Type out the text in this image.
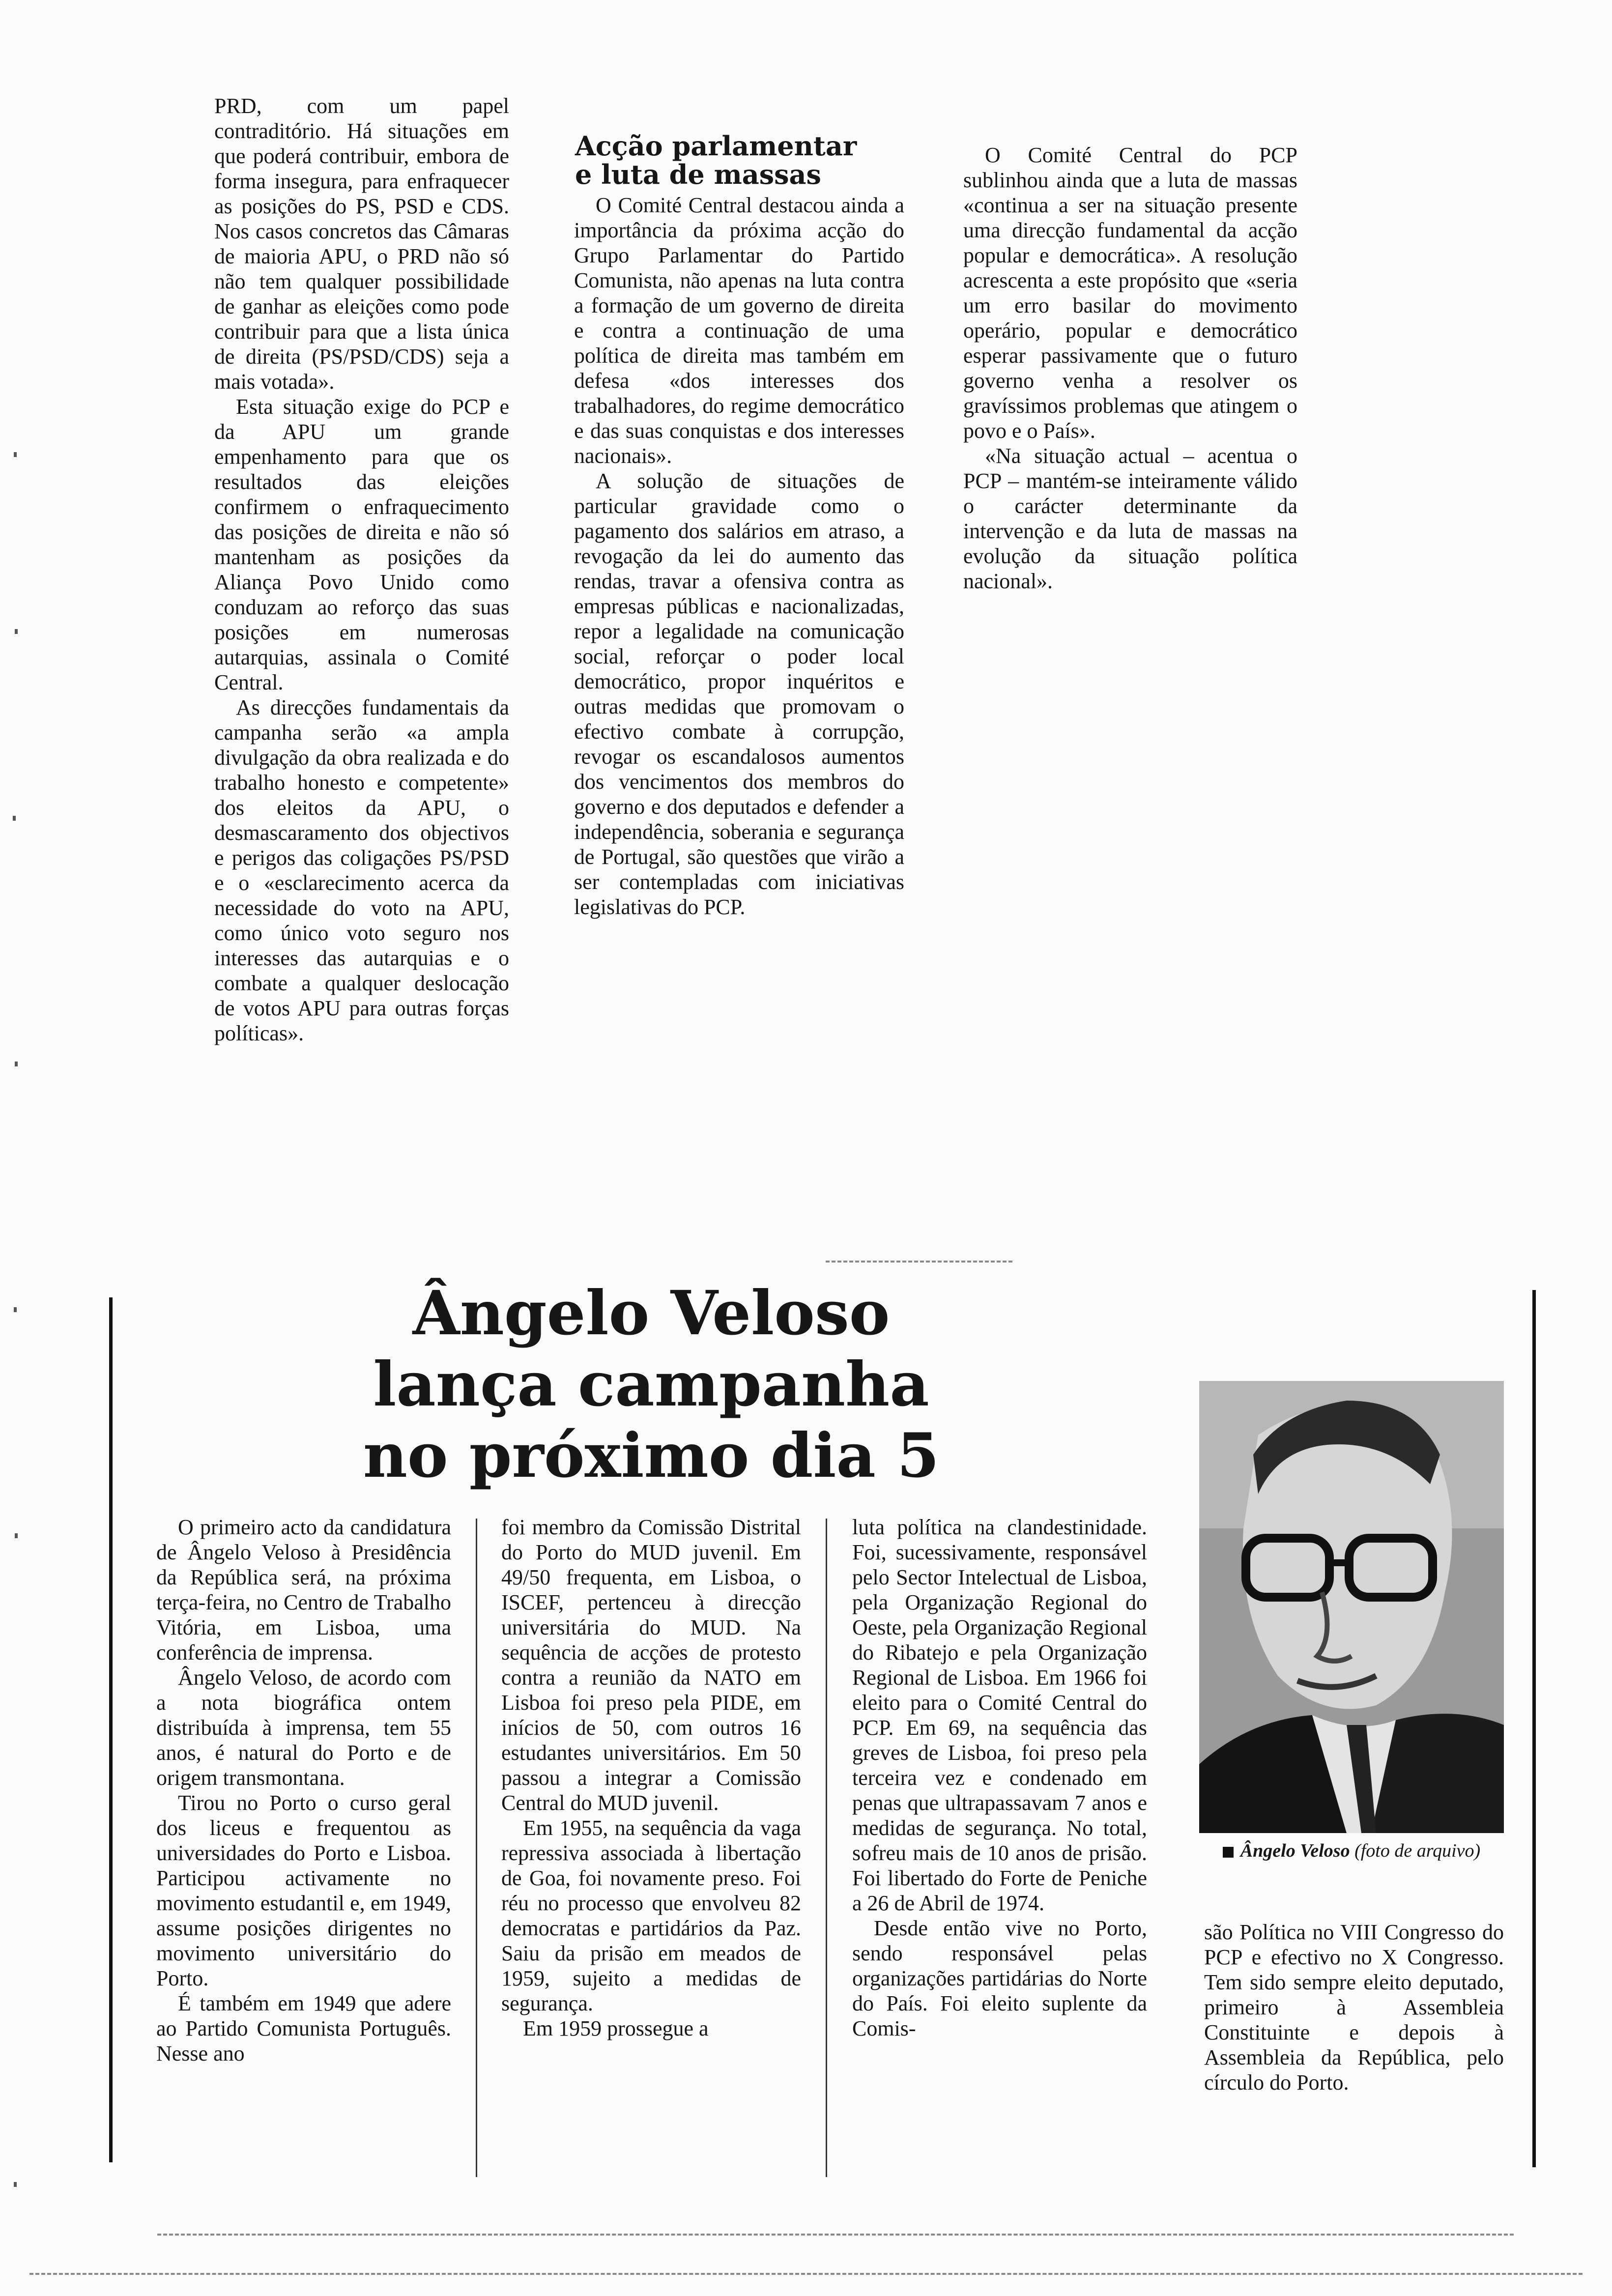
PRD, com um papel contraditório. Há situações em que poderá contribuir, embora de forma insegura, para enfraquecer as posições do PS, PSD e CDS. Nos casos concretos das Câmaras de maioria APU, o PRD não só não tem qualquer possibilidade de ganhar as eleições como pode contribuir para que a lista única de direita (PS/PSD/CDS) seja a mais votada».

Esta situação exige do PCP e da APU um grande empenhamento para que os resultados das eleições confirmem o enfraquecimento das posições de direita e não só mantenham as posições da Aliança Povo Unido como conduzam ao reforço das suas posições em numerosas autarquias, assinala o Comité Central.

As direcções fundamentais da campanha serão «a ampla divulgação da obra realizada e do trabalho honesto e competente» dos eleitos da APU, o desmascaramento dos objectivos e perigos das coligações PS/PSD e o «esclarecimento acerca da necessidade do voto na APU, como único voto seguro nos interesses das autarquias e o combate a qualquer deslocação de votos APU para outras forças políticas».

Acção parlamentar
e luta de massas

O Comité Central destacou ainda a importância da próxima acção do Grupo Parlamentar do Partido Comunista, não apenas na luta contra a formação de um governo de direita e contra a continuação de uma política de direita mas também em defesa «dos interesses dos trabalhadores, do regime democrático e das suas conquistas e dos interesses nacionais».

A solução de situações de particular gravidade como o pagamento dos salários em atraso, a revogação da lei do aumento das rendas, travar a ofensiva contra as empresas públicas e nacionalizadas, repor a legalidade na comunicação social, reforçar o poder local democrático, propor inquéritos e outras medidas que promovam o efectivo combate à corrupção, revogar os escandalosos aumentos dos vencimentos dos membros do governo e dos deputados e defender a independência, soberania e segurança de Portugal, são questões que virão a ser contempladas com iniciativas legislativas do PCP.

O Comité Central do PCP sublinhou ainda que a luta de massas «continua a ser na situação presente uma direcção fundamental da acção popular e democrática». A resolução acrescenta a este propósito que «seria um erro basilar do movimento operário, popular e democrático esperar passivamente que o futuro governo venha a resolver os gravíssimos problemas que atingem o povo e o País».

«Na situação actual – acentua o PCP – mantém-se inteiramente válido o carácter determinante da intervenção e da luta de massas na evolução da situação política nacional».

Ângelo Veloso
lança campanha
no próximo dia 5

O primeiro acto da candidatura de Ângelo Veloso à Presidência da República será, na próxima terça-feira, no Centro de Trabalho Vitória, em Lisboa, uma conferência de imprensa.

Ângelo Veloso, de acordo com a nota biográfica ontem distribuída à imprensa, tem 55 anos, é natural do Porto e de origem transmontana.

Tirou no Porto o curso geral dos liceus e frequentou as universidades do Porto e Lisboa. Participou activamente no movimento estudantil e, em 1949, assume posições dirigentes no movimento universitário do Porto.

É também em 1949 que adere ao Partido Comunista Português. Nesse ano

foi membro da Comissão Distrital do Porto do MUD juvenil. Em 49/50 frequenta, em Lisboa, o ISCEF, pertenceu à direcção universitária do MUD. Na sequência de acções de protesto contra a reunião da NATO em Lisboa foi preso pela PIDE, em inícios de 50, com outros 16 estudantes universitários. Em 50 passou a integrar a Comissão Central do MUD juvenil.

Em 1955, na sequência da vaga repressiva associada à libertação de Goa, foi novamente preso. Foi réu no processo que envolveu 82 democratas e partidários da Paz. Saiu da prisão em meados de 1959, sujeito a medidas de segurança.

Em 1959 prossegue a

luta política na clandestinidade. Foi, sucessivamente, responsável pelo Sector Intelectual de Lisboa, pela Organização Regional do Oeste, pela Organização Regional do Ribatejo e pela Organização Regional de Lisboa. Em 1966 foi eleito para o Comité Central do PCP. Em 69, na sequência das greves de Lisboa, foi preso pela terceira vez e condenado em penas que ultrapassavam 7 anos e medidas de segurança. No total, sofreu mais de 10 anos de prisão. Foi libertado do Forte de Peniche a 26 de Abril de 1974.

Desde então vive no Porto, sendo responsável pelas organizações partidárias do Norte do País. Foi eleito suplente da Comis-

Ângelo Veloso (foto de arquivo)

são Política no VIII Congresso do PCP e efectivo no X Congresso. Tem sido sempre eleito deputado, primeiro à Assembleia Constituinte e depois à Assembleia da República, pelo círculo do Porto.
